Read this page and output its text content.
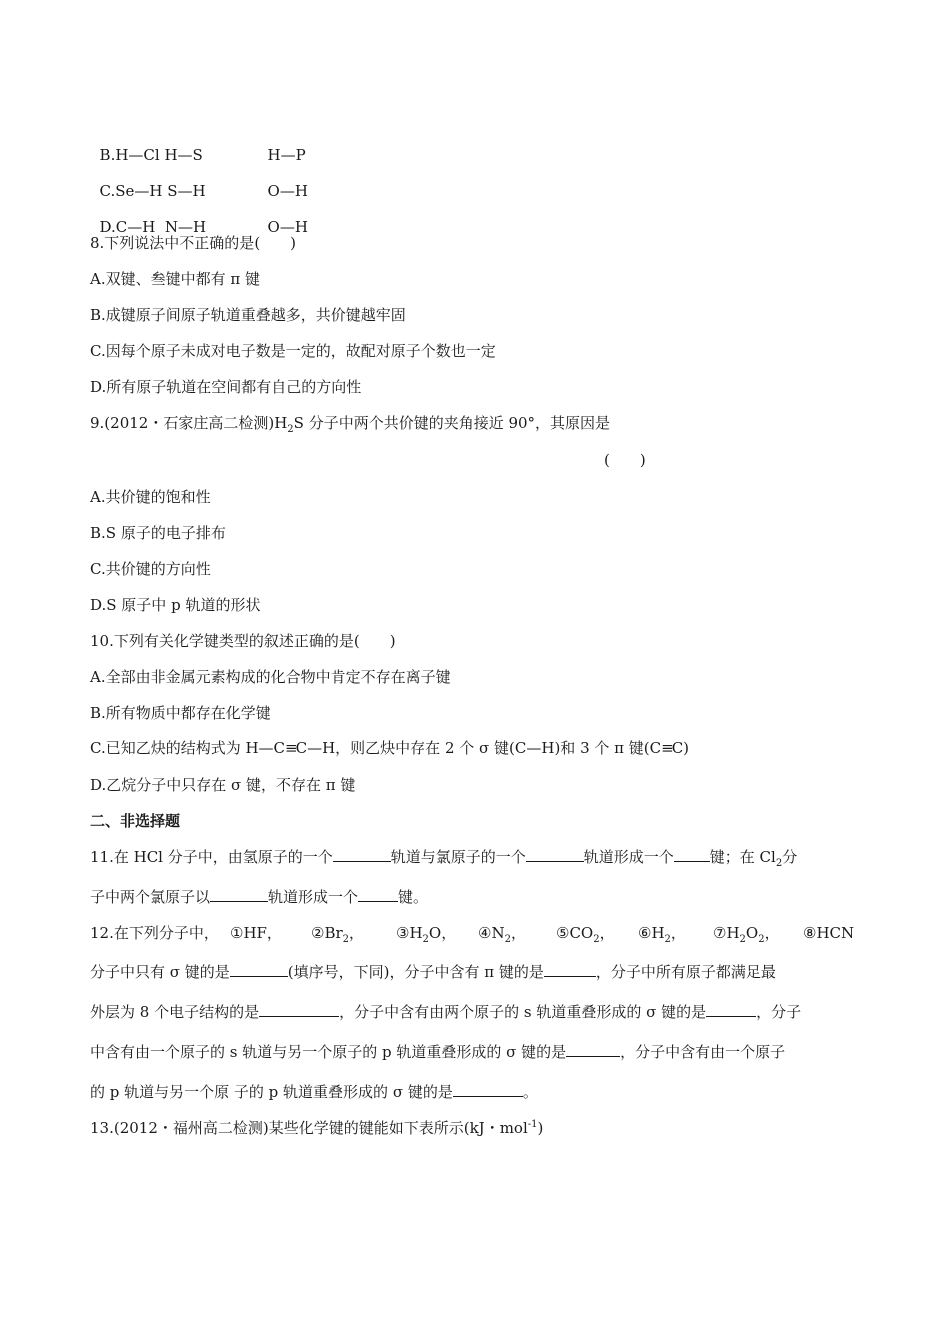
B.H—Cl H—S	H—P

C.Se—H S—H	O—H

D.C—H  N—H	O—H

8.下列说法中不正确的是(　　)
A.双键、叁键中都有 π 键
B.成键原子间原子轨道重叠越多，共价键越牢固
C.因每个原子未成对电子数是一定的，故配对原子个数也一定
D.所有原子轨道在空间都有自己的方向性
9.(2012・石家庄高二检测)$H_2S$ 分子中两个共价键的夹角接近 90°，其原因是
(　　)
A.共价键的饱和性
B.S 原子的电子排布
C.共价键的方向性
D.S 原子中 p 轨道的形状
10.下列有关化学键类型的叙述正确的是(　　)
A.全部由非金属元素构成的化合物中肯定不存在离子键
B.所有物质中都存在化学键
C.已知乙炔的结构式为 H—C≡C—H，则乙炔中存在 2 个 σ 键(C—H)和 3 个 π 键(C≡C)
D.乙烷分子中只存在 σ 键，不存在 π 键
二、非选择题
11.在 HCl 分子中，由氢原子的一个	轨道与氯原子的一个	轨道形成一个 键；在 $Cl_2$分
子中两个氯原子以	轨道形成一个	键。
12.在下列分子中， ①HF， $②Br_2$， $③H_2O$， $④N_2$， $⑤CO_2$， $⑥H_2$， $⑦H_2O_2$， ⑧HCN
分子中只有 σ 键的是	(填序号，下同)，分子中含有 π 键的是	，分子中所有原子都满足最
外层为 8 个电子结构的是	，分子中含有由两个原子的 s 轨道重叠形成的 σ 键的是	，分子
中含有由一个原子的 s 轨道与另一个原子的 p 轨道重叠形成的 σ 键的是	，分子中含有由一个原子
的 p 轨道与另一个原 子的 p 轨道重叠形成的 σ 键的是	。
13.(2012・福州高二检测)某些化学键的键能如下表所示(kJ・mol$^{-1}$)
